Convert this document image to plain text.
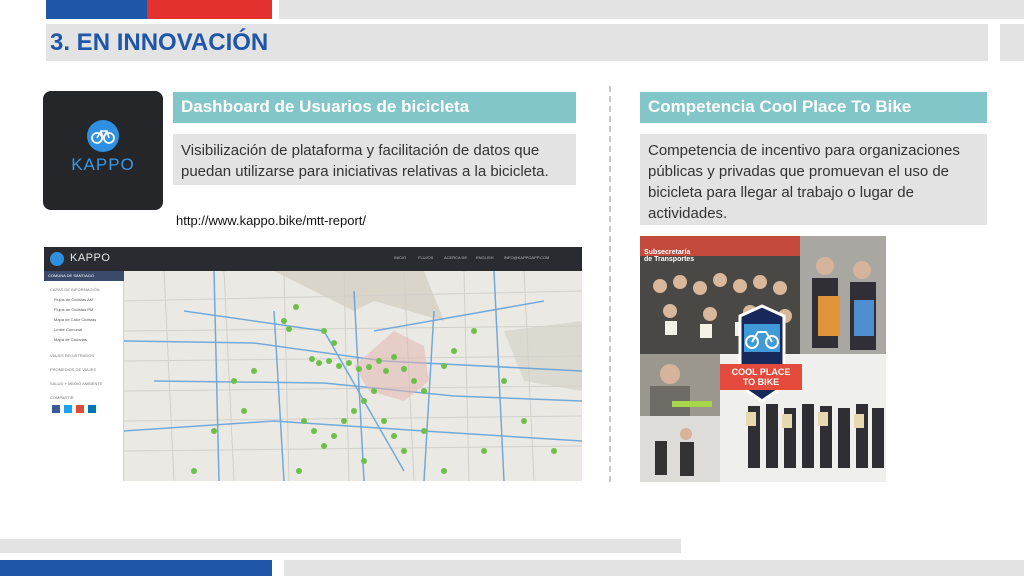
3. EN INNOVACIÓN
KAPPO
Dashboard de Usuarios de bicicleta
Visibilización de plataforma y facilitación de datos que puedan utilizarse para iniciativas relativas a la bicicleta.
http://www.kappo.bike/mtt-report/
KAPPO	INICIO	FLUJOS	ACERCA DE ENGLISH	INFO@KAPPOAPP.COM
COMUNA DE SANTIAGO
CAPAS DE INFORMACIÓN
Flujos de Ciclistas AM
Flujos de Ciclistas PM
Mapa de Calor Ciclistas
Límite Comunal
Mapa de Ciclovías
VIAJES REGISTRADOS
PROMEDIOS DE VIAJES
SALUD Y MEDIO AMBIENTE
COMPARTIR
Competencia Cool Place To Bike
Competencia de incentivo para organizaciones públicas y privadas que promuevan el uso de bicicleta para llegar al trabajo o lugar de actividades.
Subsecretaría
de Transportes
COOL PLACE
TO BIKE
